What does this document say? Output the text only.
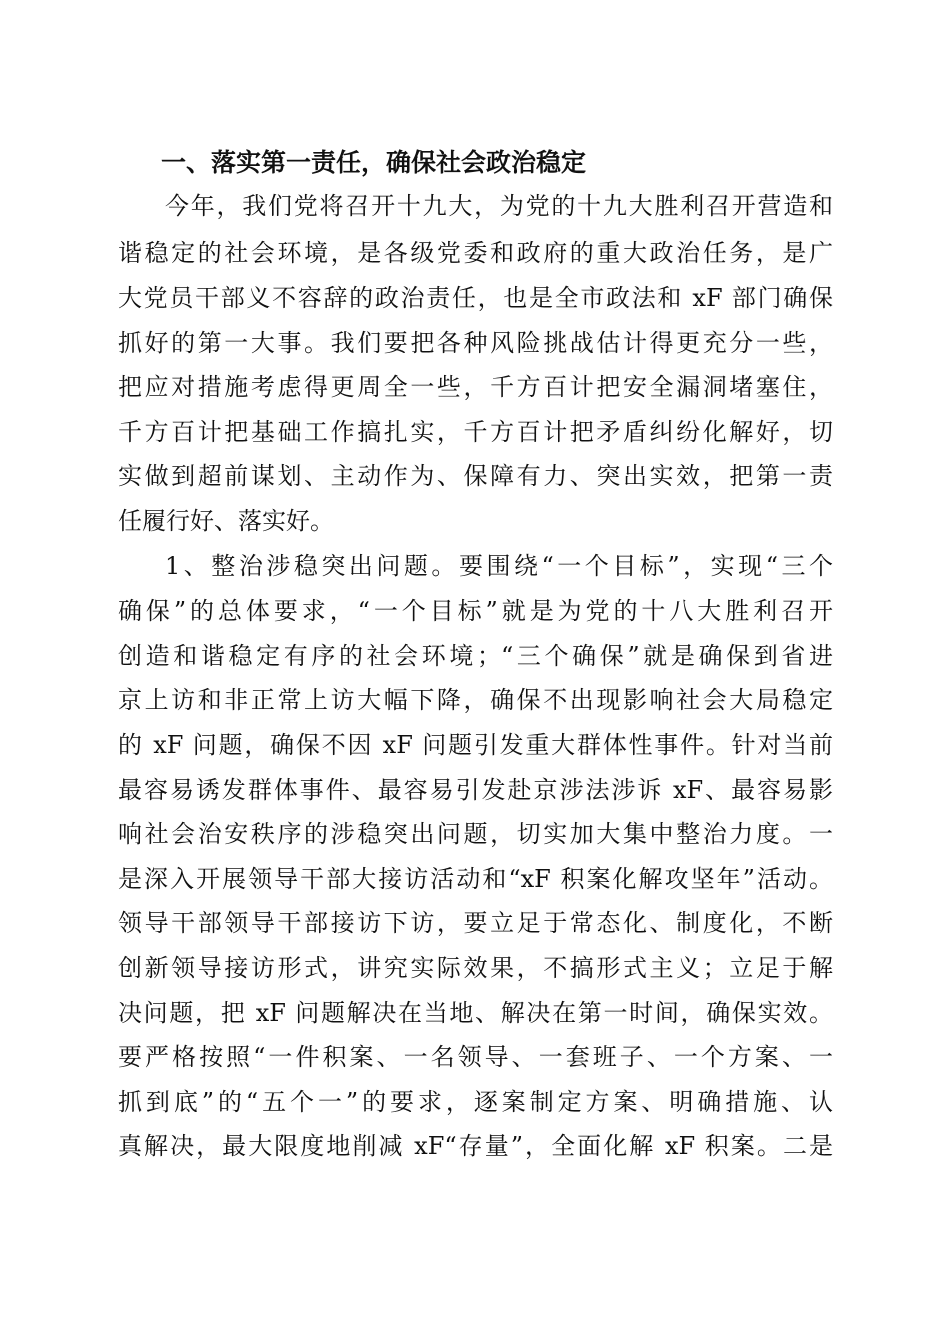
一、落实第一责任，确保社会政治稳定
今年，我们党将召开十九大，为党的十九大胜利召开营造和
谐稳定的社会环境，是各级党委和政府的重大政治任务，是广
大党员干部义不容辞的政治责任，也是全市政法和 xF 部门确保
抓好的第一大事。我们要把各种风险挑战估计得更充分一些，
把应对措施考虑得更周全一些，千方百计把安全漏洞堵塞住，
千方百计把基础工作搞扎实，千方百计把矛盾纠纷化解好，切
实做到超前谋划、主动作为、保障有力、突出实效，把第一责
任履行好、落实好。
1、整治涉稳突出问题。要围绕“一个目标”，实现“三个
确保”的总体要求，“一个目标”就是为党的十八大胜利召开
创造和谐稳定有序的社会环境；“三个确保”就是确保到省进
京上访和非正常上访大幅下降，确保不出现影响社会大局稳定
的 xF 问题，确保不因 xF 问题引发重大群体性事件。针对当前
最容易诱发群体事件、最容易引发赴京涉法涉诉 xF、最容易影
响社会治安秩序的涉稳突出问题，切实加大集中整治力度。一
是深入开展领导干部大接访活动和“xF 积案化解攻坚年”活动。
领导干部领导干部接访下访，要立足于常态化、制度化，不断
创新领导接访形式，讲究实际效果，不搞形式主义；立足于解
决问题，把 xF 问题解决在当地、解决在第一时间，确保实效。
要严格按照“一件积案、一名领导、一套班子、一个方案、一
抓到底”的“五个一”的要求，逐案制定方案、明确措施、认
真解决，最大限度地削减 xF“存量”，全面化解 xF 积案。二是
